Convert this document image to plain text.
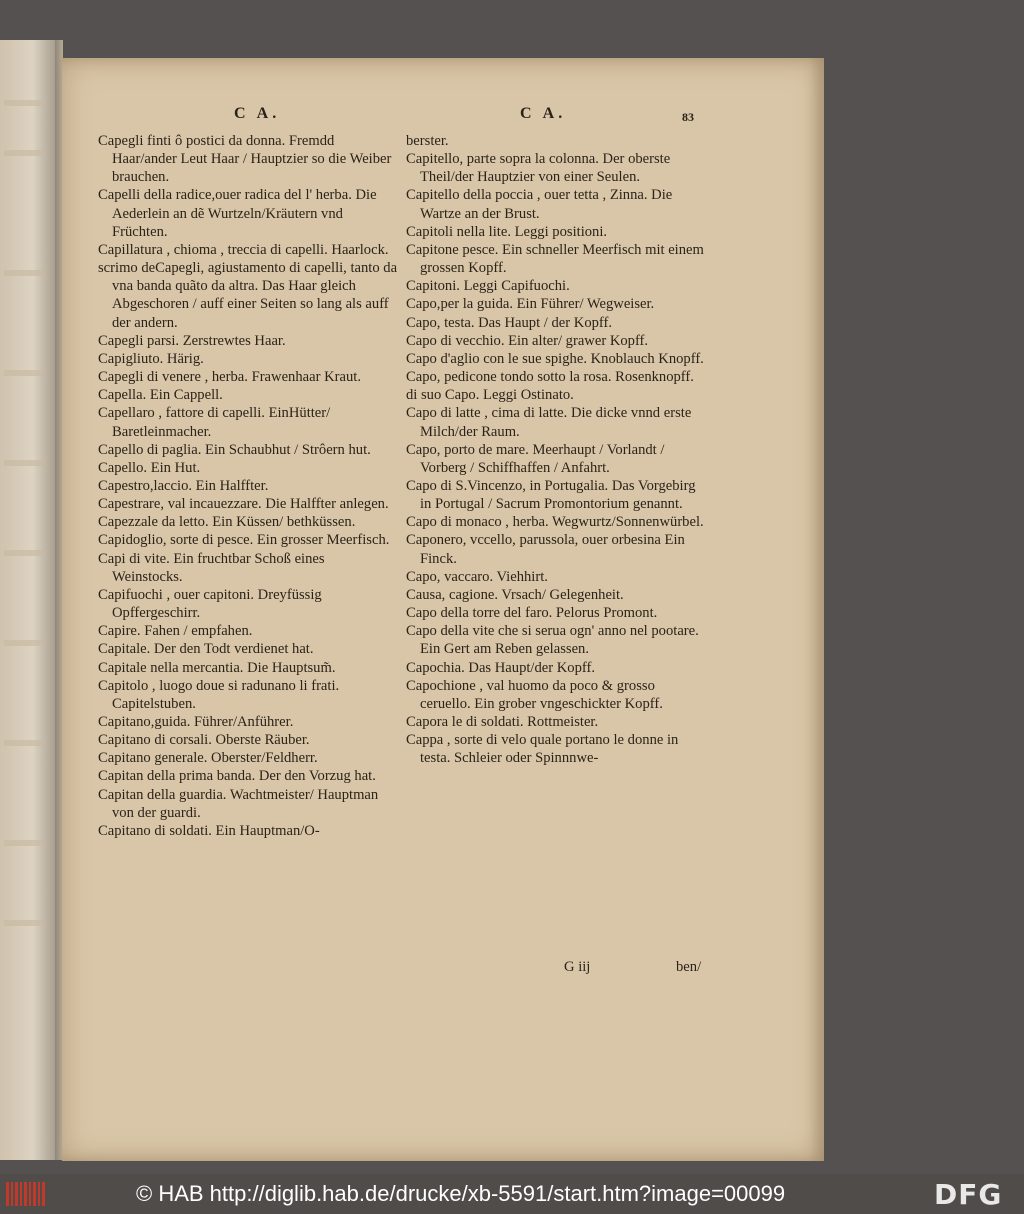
C A.	C A.	83

Capegli finti ô postici da donna. Fremdd Haar/ander Leut Haar / Hauptzier so die Weiber brauchen.

Capelli della radice,ouer radica del l' herba. Die Aederlein an dẽ Wurtzeln/Kräutern vnd Früchten.

Capillatura , chioma , treccia di capelli. Haarlock.

scrimo deCapegli, agiustamento di capelli, tanto da vna banda quãto da altra. Das Haar gleich Abgeschoren / auff einer Seiten so lang als auff der andern.

Capegli parsi. Zerstrewtes Haar.

Capigliuto. Härig.

Capegli di venere , herba. Frawenhaar Kraut.

Capella. Ein Cappell.

Capellaro , fattore di capelli. EinHütter/ Baretleinmacher.

Capello di paglia. Ein Schaubhut / Strôern hut.

Capello. Ein Hut.

Capestro,laccio. Ein Halffter.

Capestrare, val incauezzare. Die Halffter anlegen.

Capezzale da letto. Ein Küssen/ bethküssen.

Capidoglio, sorte di pesce. Ein grosser Meerfisch.

Capi di vite. Ein fruchtbar Schoß eines Weinstocks.

Capifuochi , ouer capitoni. Dreyfüssig Opffergeschirr.

Capire. Fahen / empfahen.

Capitale. Der den Todt verdienet hat.

Capitale nella mercantia. Die Hauptsum̃.

Capitolo , luogo doue si radunano li frati. Capitelstuben.

Capitano,guida. Führer/Anführer.

Capitano di corsali. Oberste Räuber.

Capitano generale. Oberster/Feldherr.

Capitan della prima banda. Der den Vorzug hat.

Capitan della guardia. Wachtmeister/ Hauptman von der guardi.

Capitano di soldati. Ein Hauptman/O-

berster.

Capitello, parte sopra la colonna. Der oberste Theil/der Hauptzier von einer Seulen.

Capitello della poccia , ouer tetta , Zinna. Die Wartze an der Brust.

Capitoli nella lite. Leggi positioni.

Capitone pesce. Ein schneller Meerfisch mit einem grossen Kopff.

Capitoni. Leggi Capifuochi.

Capo,per la guida. Ein Führer/ Wegweiser.

Capo, testa. Das Haupt / der Kopff.

Capo di vecchio. Ein alter/ grawer Kopff.

Capo d'aglio con le sue spighe. Knoblauch Knopff.

Capo, pedicone tondo sotto la rosa. Rosenknopff.

di suo Capo. Leggi Ostinato.

Capo di latte , cima di latte. Die dicke vnnd erste Milch/der Raum.

Capo, porto de mare. Meerhaupt / Vorlandt / Vorberg / Schiffhaffen / Anfahrt.

Capo di S.Vincenzo, in Portugalia. Das Vorgebirg in Portugal / Sacrum Promontorium genannt.

Capo di monaco , herba. Wegwurtz/Sonnenwürbel.

Caponero, vccello, parussola, ouer orbesina Ein Finck.

Capo, vaccaro. Viehhirt.

Causa, cagione. Vrsach/ Gelegenheit.

Capo della torre del faro. Pelorus Promont.

Capo della vite che si serua ogn' anno nel pootare. Ein Gert am Reben gelassen.

Capochia. Das Haupt/der Kopff.

Capochione , val huomo da poco & grosso ceruello. Ein grober vngeschickter Kopff.

Capora le di soldati. Rottmeister.

Cappa , sorte di velo quale portano le donne in testa. Schleier oder Spinnnwe-

G iij	ben/
© HAB http://diglib.hab.de/drucke/xb-5591/start.htm?image=00099	DFG
